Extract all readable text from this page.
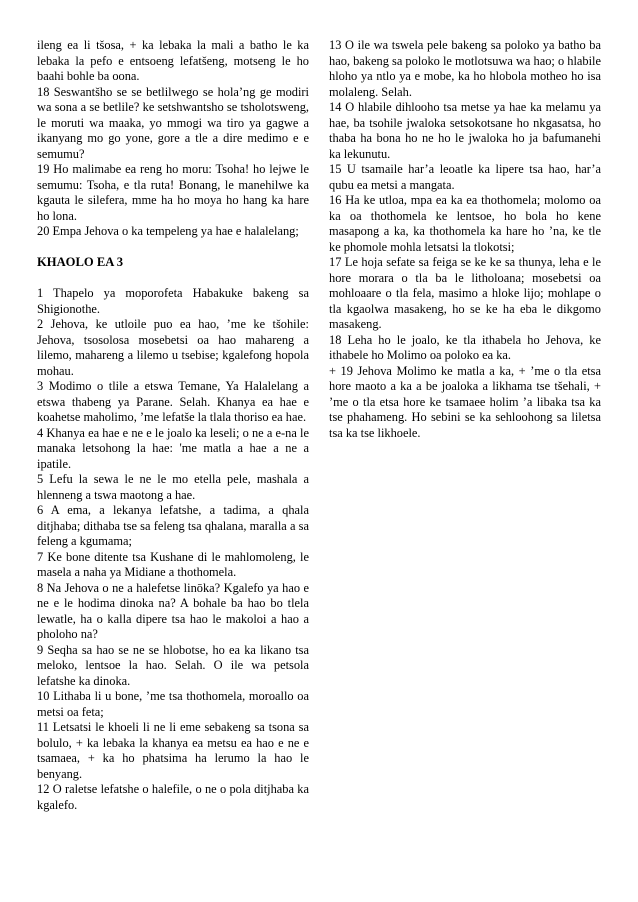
ileng ea li tšosa, + ka lebaka la mali a batho le ka lebaka la pefo e entsoeng lefatšeng, motseng le ho baahi bohle ba oona.

18 Seswantšho se se betlilwego se hola’ng ge modiri wa sona a se betlile? ke setshwantsho se tsholotsweng, le moruti wa maaka, yo mmogi wa tiro ya gagwe a ikanyang mo go yone, gore a tle a dire medimo e e semumu?

19 Ho malimabe ea reng ho moru: Tsoha! ho lejwe le semumu: Tsoha, e tla ruta! Bonang, le manehilwe ka kgauta le silefera, mme ha ho moya ho hang ka hare ho lona.

20 Empa Jehova o ka tempeleng ya hae e halalelang;

KHAOLO EA 3

1 Thapelo ya moporofeta Habakuke bakeng sa Shigionothe.

2 Jehova, ke utloile puo ea hao, ’me ke tšohile: Jehova, tsosolosa mosebetsi oa hao mahareng a lilemo, mahareng a lilemo u tsebise; kgalefong hopola mohau.

3 Modimo o tlile a etswa Temane, Ya Halalelang a etswa thabeng ya Parane. Selah. Khanya ea hae e koahetse maholimo, ’me lefatše la tlala thoriso ea hae.

4 Khanya ea hae e ne e le joalo ka leseli; o ne a e-na le manaka letsohong la hae: 'me matla a hae a ne a ipatile.

5 Lefu la sewa le ne le mo etella pele, mashala a hlenneng a tswa maotong a hae.

6 A ema, a lekanya lefatshe, a tadima, a qhala ditjhaba; dithaba tse sa feleng tsa qhalana, maralla a sa feleng a kgumama;

7 Ke bone ditente tsa Kushane di le mahlomoleng, le masela a naha ya Midiane a thothomela.

8 Na Jehova o ne a halefetse linōka? Kgalefo ya hao e ne e le hodima dinoka na? A bohale ba hao bo tlela lewatle, ha o kalla dipere tsa hao le makoloi a hao a pholoho na?

9 Seqha sa hao se ne se hlobotse, ho ea ka likano tsa meloko, lentsoe la hao. Selah. O ile wa petsola lefatshe ka dinoka.

10 Lithaba li u bone, ’me tsa thothomela, moroallo oa metsi oa feta;

11 Letsatsi le khoeli li ne li eme sebakeng sa tsona sa bolulo, + ka lebaka la khanya ea metsu ea hao e ne e tsamaea, + ka ho phatsima ha lerumo la hao le benyang.

12 O raletse lefatshe o halefile, o ne o pola ditjhaba ka kgalefo.

13 O ile wa tswela pele bakeng sa poloko ya batho ba hao, bakeng sa poloko le motlotsuwa wa hao; o hlabile hloho ya ntlo ya e mobe, ka ho hlobola motheo ho isa molaleng. Selah.

14 O hlabile dihlooho tsa metse ya hae ka melamu ya hae, ba tsohile jwaloka setsokotsane ho nkgasatsa, ho thaba ha bona ho ne ho le jwaloka ho ja bafumanehi ka lekunutu.

15 U tsamaile har’a leoatle ka lipere tsa hao, har’a qubu ea metsi a mangata.

16 Ha ke utloa, mpa ea ka ea thothomela; molomo oa ka oa thothomela ke lentsoe, ho bola ho kene masapong a ka, ka thothomela ka hare ho ’na, ke tle ke phomole mohla letsatsi la tlokotsi;

17 Le hoja sefate sa feiga se ke ke sa thunya, leha e le hore morara o tla ba le litholoana; mosebetsi oa mohloaare o tla fela, masimo a hloke lijo; mohlape o tla kgaolwa masakeng, ho se ke ha eba le dikgomo masakeng.

18 Leha ho le joalo, ke tla ithabela ho Jehova, ke ithabele ho Molimo oa poloko ea ka.

+ 19 Jehova Molimo ke matla a ka, + ’me o tla etsa hore maoto a ka a be joaloka a likhama tse tšehali, + ’me o tla etsa hore ke tsamaee holim ’a libaka tsa ka tse phahameng. Ho sebini se ka sehloohong sa liletsa tsa ka tse likhoele.
